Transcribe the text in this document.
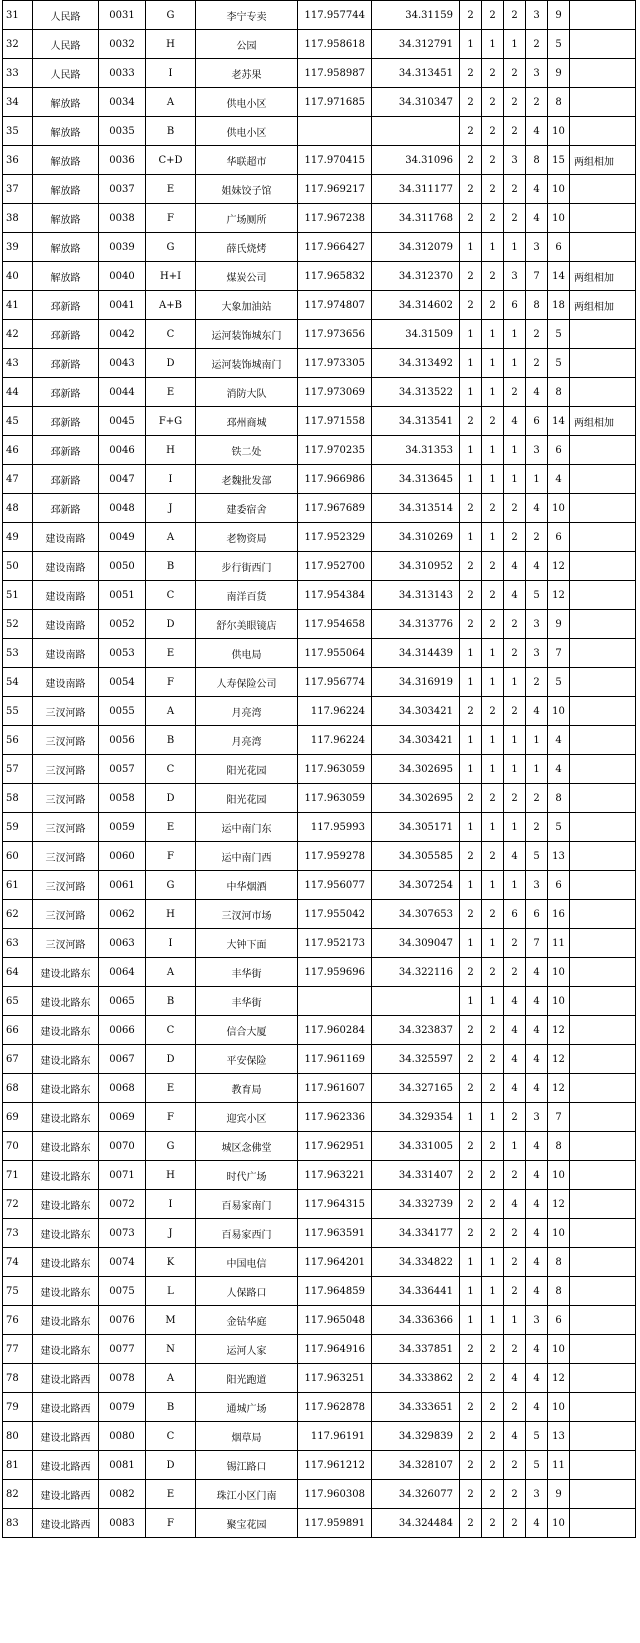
31	人民路	0031	G	李宁专卖	117.957744	34.31159	2	2	2	3	9	
32	人民路	0032	H	公园	117.958618	34.312791	1	1	1	2	5	
33	人民路	0033	I	老苏果	117.958987	34.313451	2	2	2	3	9	
34	解放路	0034	A	供电小区	117.971685	34.310347	2	2	2	2	8	
35	解放路	0035	B	供电小区			2	2	2	4	10	
36	解放路	0036	C+D	华联超市	117.970415	34.31096	2	2	3	8	15	两组相加
37	解放路	0037	E	姐妹饺子馆	117.969217	34.311177	2	2	2	4	10	
38	解放路	0038	F	广场厕所	117.967238	34.311768	2	2	2	4	10	
39	解放路	0039	G	薛氏烧烤	117.966427	34.312079	1	1	1	3	6	
40	解放路	0040	H+I	煤炭公司	117.965832	34.312370	2	2	3	7	14	两组相加
41	邳新路	0041	A+B	大象加油站	117.974807	34.314602	2	2	6	8	18	两组相加
42	邳新路	0042	C	运河装饰城东门	117.973656	34.31509	1	1	1	2	5	
43	邳新路	0043	D	运河装饰城南门	117.973305	34.313492	1	1	1	2	5	
44	邳新路	0044	E	消防大队	117.973069	34.313522	1	1	2	4	8	
45	邳新路	0045	F+G	邳州商城	117.971558	34.313541	2	2	4	6	14	两组相加
46	邳新路	0046	H	铁二处	117.970235	34.31353	1	1	1	3	6	
47	邳新路	0047	I	老魏批发部	117.966986	34.313645	1	1	1	1	4	
48	邳新路	0048	J	建委宿舍	117.967689	34.313514	2	2	2	4	10	
49	建设南路	0049	A	老物资局	117.952329	34.310269	1	1	2	2	6	
50	建设南路	0050	B	步行街西门	117.952700	34.310952	2	2	4	4	12	
51	建设南路	0051	C	南洋百货	117.954384	34.313143	2	2	4	5	12	
52	建设南路	0052	D	舒尔美眼镜店	117.954658	34.313776	2	2	2	3	9	
53	建设南路	0053	E	供电局	117.955064	34.314439	1	1	2	3	7	
54	建设南路	0054	F	人寿保险公司	117.956774	34.316919	1	1	1	2	5	
55	三汊河路	0055	A	月亮湾	117.96224	34.303421	2	2	2	4	10	
56	三汊河路	0056	B	月亮湾	117.96224	34.303421	1	1	1	1	4	
57	三汊河路	0057	C	阳光花园	117.963059	34.302695	1	1	1	1	4	
58	三汊河路	0058	D	阳光花园	117.963059	34.302695	2	2	2	2	8	
59	三汊河路	0059	E	运中南门东	117.95993	34.305171	1	1	1	2	5	
60	三汊河路	0060	F	运中南门西	117.959278	34.305585	2	2	4	5	13	
61	三汊河路	0061	G	中华烟酒	117.956077	34.307254	1	1	1	3	6	
62	三汊河路	0062	H	三汊河市场	117.955042	34.307653	2	2	6	6	16	
63	三汊河路	0063	I	大钟下面	117.952173	34.309047	1	1	2	7	11	
64	建设北路东	0064	A	丰华街	117.959696	34.322116	2	2	2	4	10	
65	建设北路东	0065	B	丰华街			1	1	4	4	10	
66	建设北路东	0066	C	信合大厦	117.960284	34.323837	2	2	4	4	12	
67	建设北路东	0067	D	平安保险	117.961169	34.325597	2	2	4	4	12	
68	建设北路东	0068	E	教育局	117.961607	34.327165	2	2	4	4	12	
69	建设北路东	0069	F	迎宾小区	117.962336	34.329354	1	1	2	3	7	
70	建设北路东	0070	G	城区念佛堂	117.962951	34.331005	2	2	1	4	8	
71	建设北路东	0071	H	时代广场	117.963221	34.331407	2	2	2	4	10	
72	建设北路东	0072	I	百易家南门	117.964315	34.332739	2	2	4	4	12	
73	建设北路东	0073	J	百易家西门	117.963591	34.334177	2	2	2	4	10	
74	建设北路东	0074	K	中国电信	117.964201	34.334822	1	1	2	4	8	
75	建设北路东	0075	L	人保路口	117.964859	34.336441	1	1	2	4	8	
76	建设北路东	0076	M	金钻华庭	117.965048	34.336366	1	1	1	3	6	
77	建设北路东	0077	N	运河人家	117.964916	34.337851	2	2	2	4	10	
78	建设北路西	0078	A	阳光跑道	117.963251	34.333862	2	2	4	4	12	
79	建设北路西	0079	B	通城广场	117.962878	34.333651	2	2	2	4	10	
80	建设北路西	0080	C	烟草局	117.96191	34.329839	2	2	4	5	13	
81	建设北路西	0081	D	锡江路口	117.961212	34.328107	2	2	2	5	11	
82	建设北路西	0082	E	珠江小区门南	117.960308	34.326077	2	2	2	3	9	
83	建设北路西	0083	F	聚宝花园	117.959891	34.324484	2	2	2	4	10	
